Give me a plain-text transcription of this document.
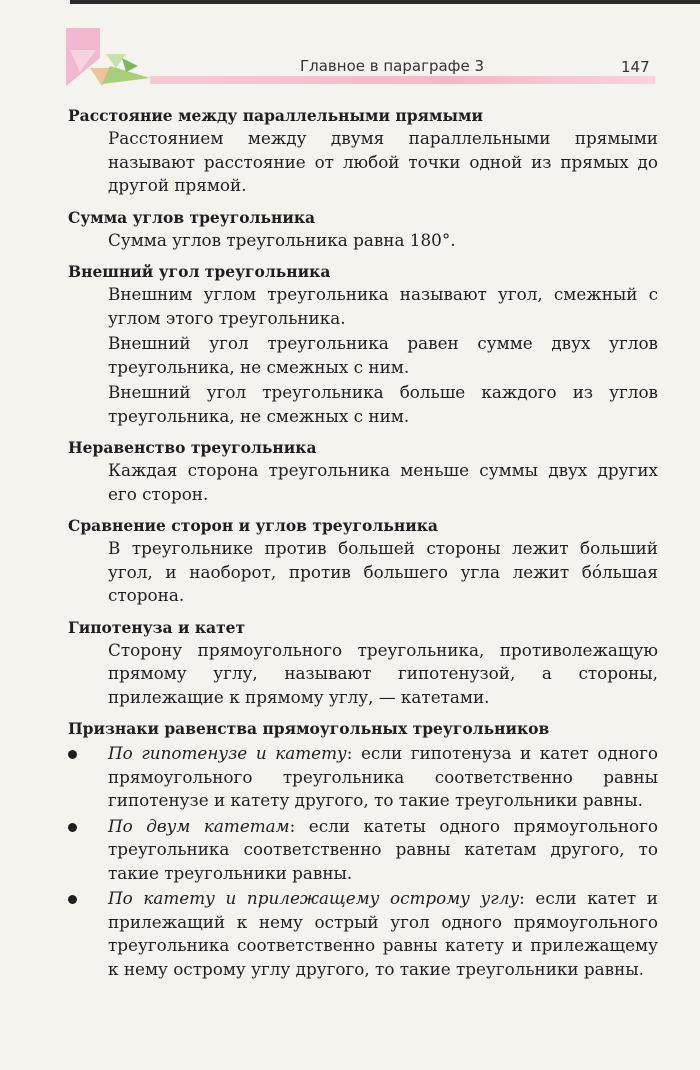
Главное в параграфе 3	147

Расстояние между параллельными прямыми

Расстоянием между двумя параллельными прямыми называют расстояние от любой точки одной из прямых до другой прямой.

Сумма углов треугольника

Сумма углов треугольника равна 180°.

Внешний угол треугольника

Внешним углом треугольника называют угол, смежный с углом этого треугольника.

Внешний угол треугольника равен сумме двух углов треугольника, не смежных с ним.

Внешний угол треугольника больше каждого из углов треугольника, не смежных с ним.

Неравенство треугольника

Каждая сторона треугольника меньше суммы двух других его сторон.

Сравнение сторон и углов треугольника

В треугольнике против большей стороны лежит больший угол, и наоборот, против большего угла лежит бóльшая сторона.

Гипотенуза и катет

Сторону прямоугольного треугольника, противолежащую прямому углу, называют гипотенузой, а стороны, прилежащие к прямому углу, — катетами.

Признаки равенства прямоугольных треугольников

По гипотенузе и катету: если гипотенуза и катет одного прямоугольного треугольника соответственно равны гипотенузе и катету другого, то такие треугольники равны.
По двум катетам: если катеты одного прямоугольного треугольника соответственно равны катетам другого, то такие треугольники равны.
По катету и прилежащему острому углу: если катет и прилежащий к нему острый угол одного прямоугольного треугольника соответственно равны катету и прилежащему к нему острому углу другого, то такие треугольники равны.
